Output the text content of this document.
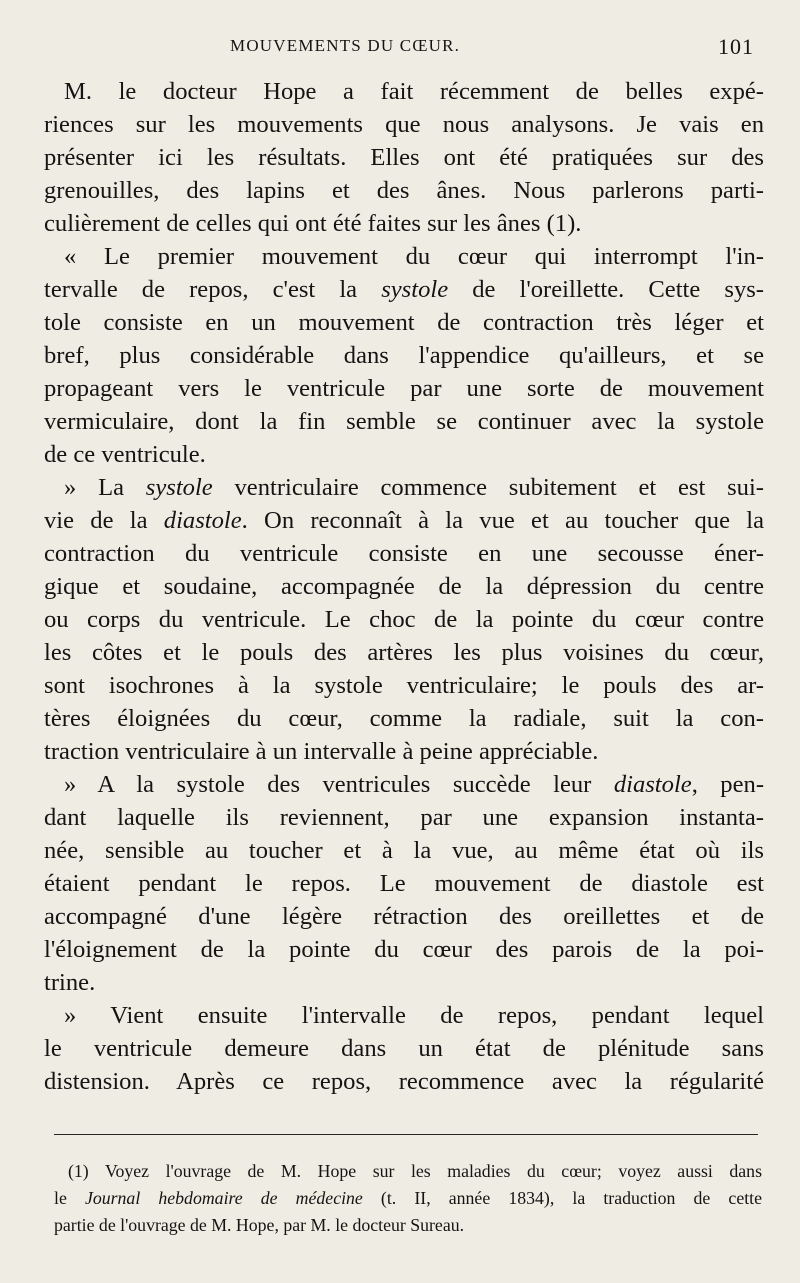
MOUVEMENTS DU CŒUR.	101
M. le docteur Hope a fait récemment de belles expé-
riences sur les mouvements que nous analysons. Je vais en
présenter ici les résultats. Elles ont été pratiquées sur des
grenouilles, des lapins et des ânes. Nous parlerons parti-
culièrement de celles qui ont été faites sur les ânes (1).
« Le premier mouvement du cœur qui interrompt l'in-
tervalle de repos, c'est la systole de l'oreillette. Cette sys-
tole consiste en un mouvement de contraction très léger et
bref, plus considérable dans l'appendice qu'ailleurs, et se
propageant vers le ventricule par une sorte de mouvement
vermiculaire, dont la fin semble se continuer avec la systole
de ce ventricule.
» La systole ventriculaire commence subitement et est sui-
vie de la diastole. On reconnaît à la vue et au toucher que la
contraction du ventricule consiste en une secousse éner-
gique et soudaine, accompagnée de la dépression du centre
ou corps du ventricule. Le choc de la pointe du cœur contre
les côtes et le pouls des artères les plus voisines du cœur,
sont isochrones à la systole ventriculaire; le pouls des ar-
tères éloignées du cœur, comme la radiale, suit la con-
traction ventriculaire à un intervalle à peine appréciable.
» A la systole des ventricules succède leur diastole, pen-
dant laquelle ils reviennent, par une expansion instanta-
née, sensible au toucher et à la vue, au même état où ils
étaient pendant le repos. Le mouvement de diastole est
accompagné d'une légère rétraction des oreillettes et de
l'éloignement de la pointe du cœur des parois de la poi-
trine.
» Vient ensuite l'intervalle de repos, pendant lequel
le ventricule demeure dans un état de plénitude sans
distension. Après ce repos, recommence avec la régularité
(1) Voyez l'ouvrage de M. Hope sur les maladies du cœur; voyez aussi dans
le Journal hebdomaire de médecine (t. II, année 1834), la traduction de cette
partie de l'ouvrage de M. Hope, par M. le docteur Sureau.
